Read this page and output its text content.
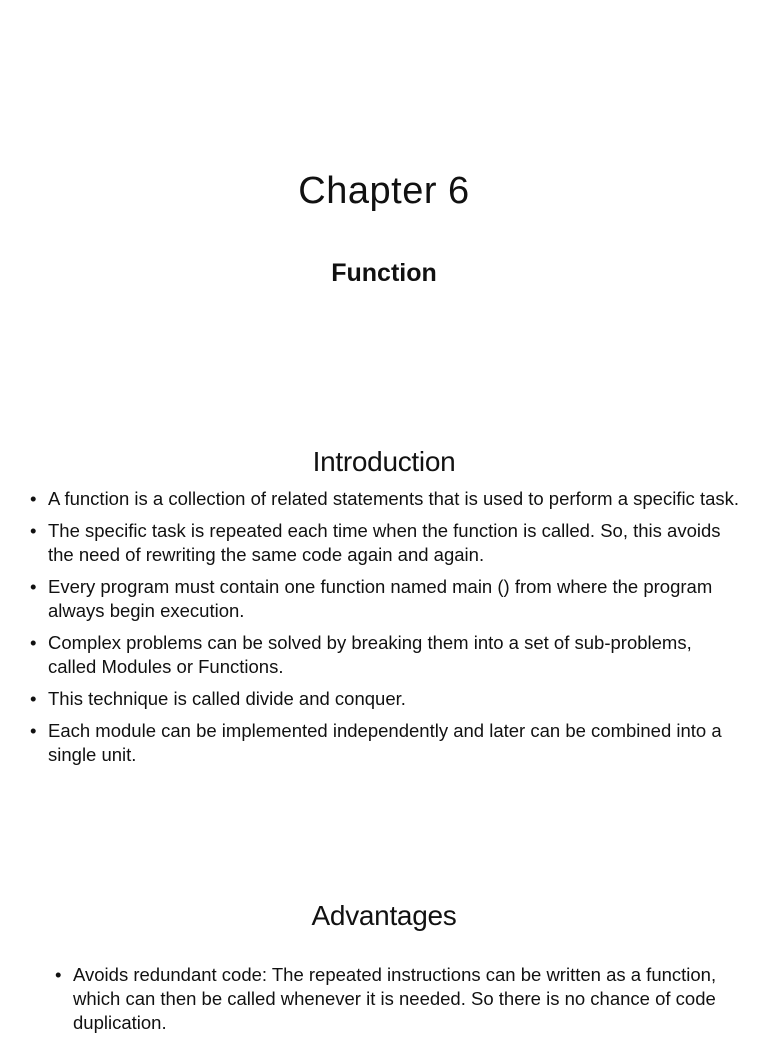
Chapter 6
Function
Introduction
• A function is a collection of related statements that is used to perform a specific task.
• The specific task is repeated each time when the function is called. So, this avoids the need of rewriting the same code again and again.
• Every program must contain one function named main () from where the program always begin execution.
• Complex problems can be solved by breaking them into a set of sub-problems, called Modules or Functions.
• This technique is called divide and conquer.
• Each module can be implemented independently and later can be combined into a single unit.
Advantages
• Avoids redundant code: The repeated instructions can be written as a function, which can then be called whenever it is needed. So there is no chance of code duplication.
